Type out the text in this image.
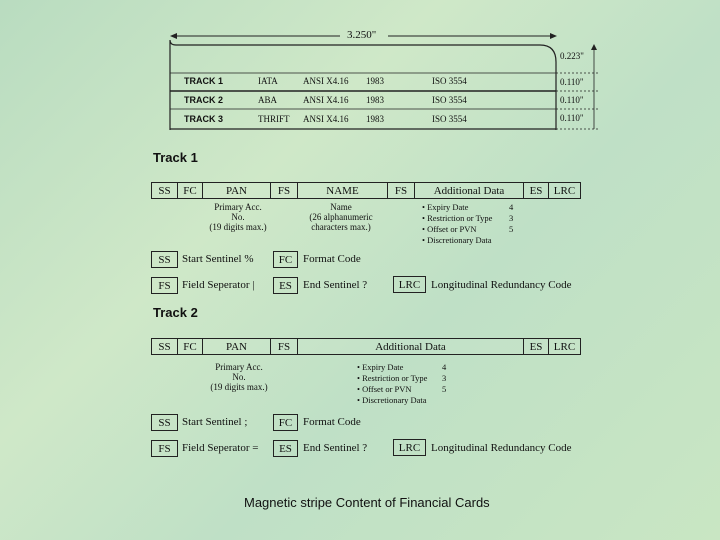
3.250"
0.223"
0.110"
0.110"
0.110"
TRACK 1	IATA	ANSI X4.16 1983	ISO 3554
TRACK 2	ABA	ANSI X4.16 1983	ISO 3554
TRACK 3	THRIFT ANSI X4.16 1983	ISO 3554
Track 1
SS	FC	PAN	FS	NAME	FS	Additional Data	ES	LRC
Primary Acc.
No.
(19 digits max.)
Name
(26 alphanumeric
characters max.)
• Expiry Date	4
• Restriction or Type 3
• Offset or PVN	5
• Discretionary Data
SS	Start Sentinel %	FC Format Code
FS	Field Seperator |	ES	End Sentinel ?	LRC Longitudinal Redundancy Code
Track 2
SS	FC	PAN	FS	Additional Data	ES	LRC
Primary Acc.
No.
(19 digits max.)
• Expiry Date	4
• Restriction or Type 3
• Offset or PVN	5
• Discretionary Data
SS	Start Sentinel ;	FC Format Code
FS	Field Seperator =	ES	End Sentinel ?	LRC Longitudinal Redundancy Code
Magnetic stripe Content of Financial Cards
